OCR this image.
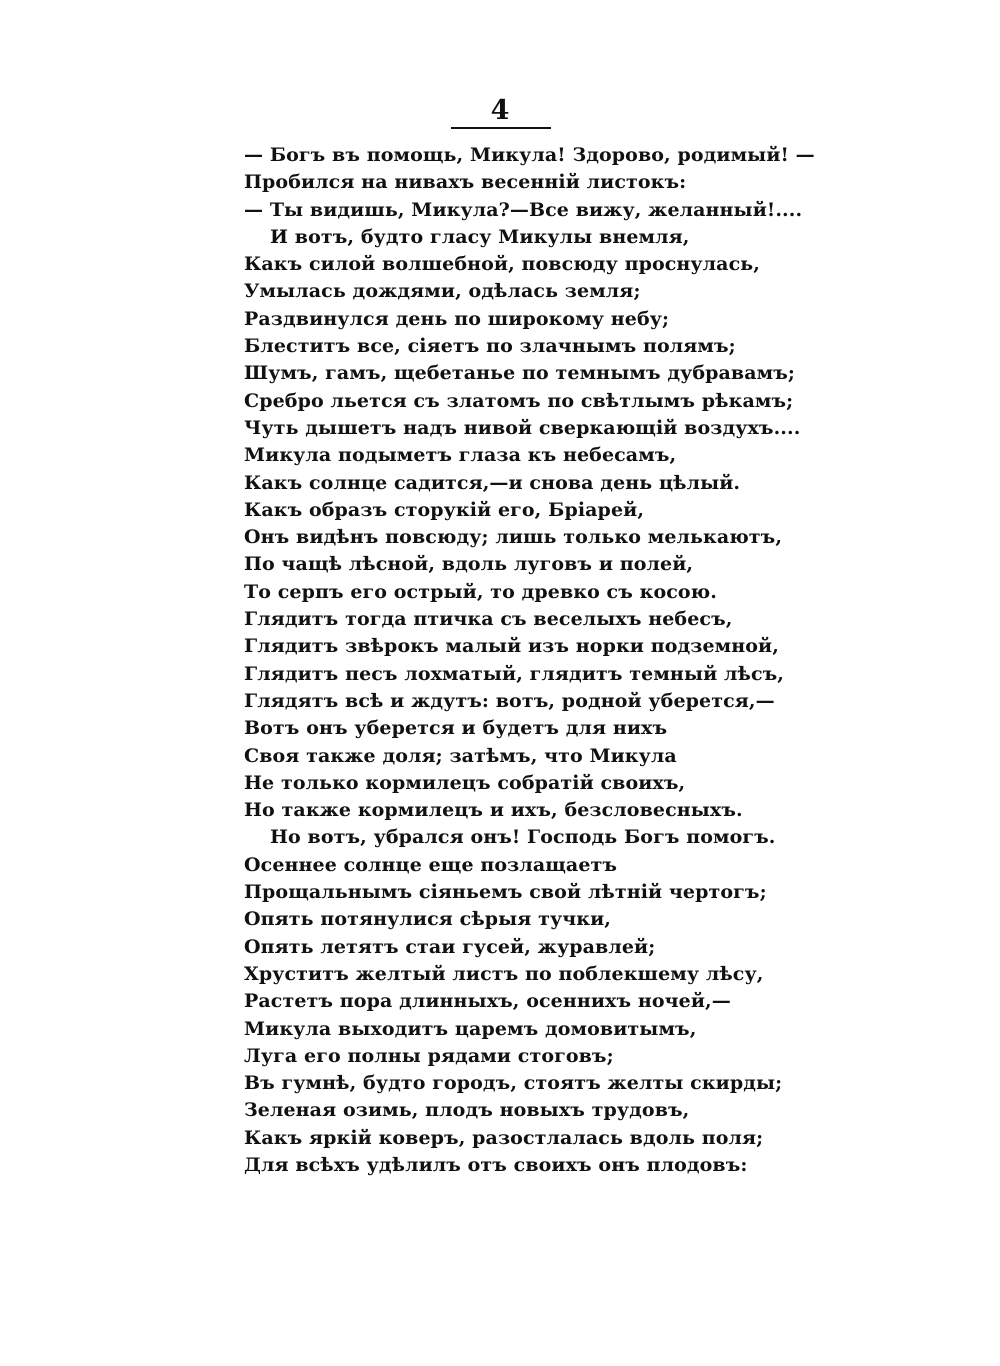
4
— Богъ въ помощь, Микула! Здорово, родимый! —
Пробился на нивахъ весенній листокъ:
— Ты видишь, Микула?—Все вижу, желанный!....
И вотъ, будто гласу Микулы внемля,
Какъ силой волшебной, повсюду проснулась,
Умылась дождями, одѣлась земля;
Раздвинулся день по широкому небу;
Блеститъ все, сіяетъ по злачнымъ полямъ;
Шумъ, гамъ, щебетанье по темнымъ дубравамъ;
Сребро льется съ златомъ по свѣтлымъ рѣкамъ;
Чуть дышетъ надъ нивой сверкающій воздухъ....
Микула подыметъ глаза къ небесамъ,
Какъ солнце садится,—и снова день цѣлый.
Какъ образъ сторукій его, Бріарей,
Онъ видѣнъ повсюду; лишь только мелькаютъ,
По чащѣ лѣсной, вдоль луговъ и полей,
То серпъ его острый, то древко съ косою.
Глядитъ тогда птичка съ веселыхъ небесъ,
Глядитъ звѣрокъ малый изъ норки подземной,
Глядитъ песъ лохматый, глядитъ темный лѣсъ,
Глядятъ всѣ и ждутъ: вотъ, родной уберется,—
Вотъ онъ уберется и будетъ для нихъ
Своя также доля; затѣмъ, что Микула
Не только кормилецъ собратій своихъ,
Но также кормилецъ и ихъ, безсловесныхъ.
Но вотъ, убрался онъ! Господь Богъ помогъ.
Осеннее солнце еще позлащаетъ
Прощальнымъ сіяньемъ свой лѣтній чертогъ;
Опять потянулися сѣрыя тучки,
Опять летятъ стаи гусей, журавлей;
Хруститъ желтый листъ по поблекшему лѣсу,
Растетъ пора длинныхъ, осеннихъ ночей,—
Микула выходитъ царемъ домовитымъ,
Луга его полны рядами стоговъ;
Въ гумнѣ, будто городъ, стоятъ желты скирды;
Зеленая озимь, плодъ новыхъ трудовъ,
Какъ яркій коверъ, разостлалась вдоль поля;
Для всѣхъ удѣлилъ отъ своихъ онъ плодовъ:
